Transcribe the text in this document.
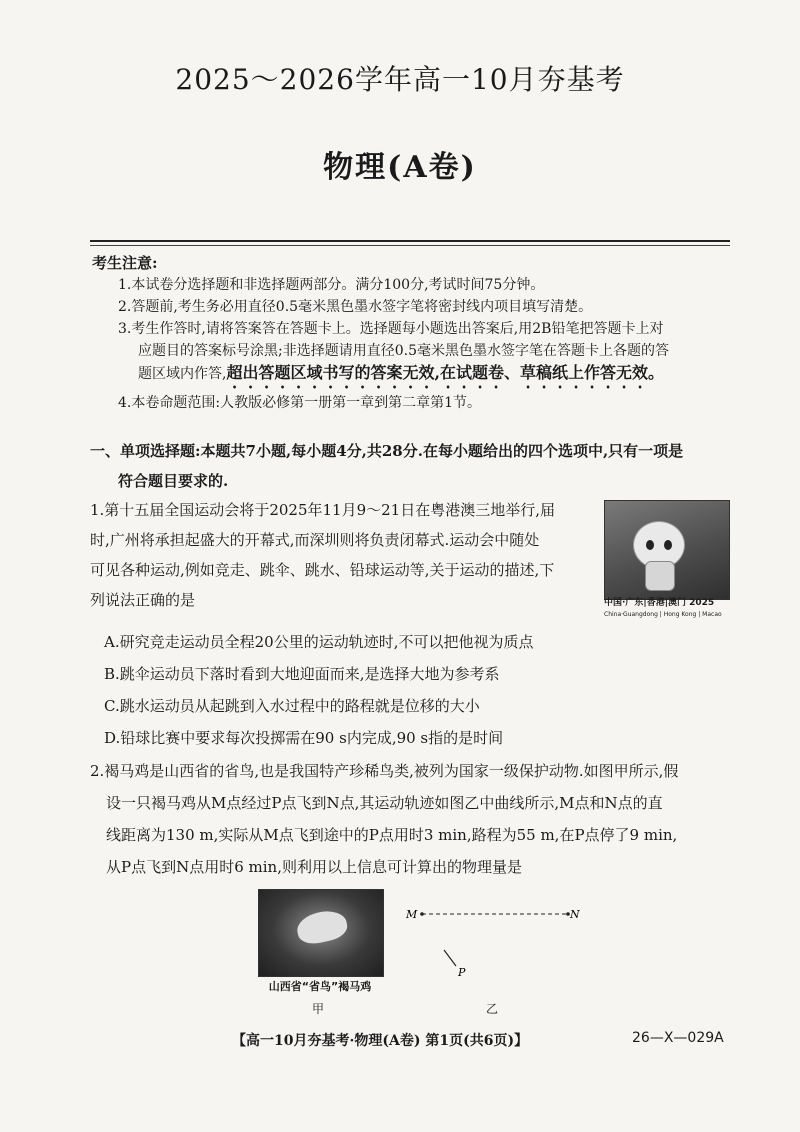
2025～2026学年高一10月夯基考
物理(A卷)
考生注意:
1.本试卷分选择题和非选择题两部分。满分100分,考试时间75分钟。
2.答题前,考生务必用直径0.5毫米黑色墨水签字笔将密封线内项目填写清楚。
3.考生作答时,请将答案答在答题卡上。选择题每小题选出答案后,用2B铅笔把答题卡上对
应题目的答案标号涂黑;非选择题请用直径0.5毫米黑色墨水签字笔在答题卡上各题的答
题区域内作答,超出答题区域书写的答案无效,在试题卷、草稿纸上作答无效。
4.本卷命题范围:人教版必修第一册第一章到第二章第1节。
一、单项选择题:本题共7小题,每小题4分,共28分.在每小题给出的四个选项中,只有一项是
符合题目要求的.
1.第十五届全国运动会将于2025年11月9～21日在粤港澳三地举行,届
时,广州将承担起盛大的开幕式,而深圳则将负责闭幕式.运动会中随处
可见各种运动,例如竞走、跳伞、跳水、铅球运动等,关于运动的描述,下
列说法正确的是	中国·广东|香港|澳门 2025
China·Guangdong | Hong Kong | Macao
A.研究竞走运动员全程20公里的运动轨迹时,不可以把他视为质点
B.跳伞运动员下落时看到大地迎面而来,是选择大地为参考系
C.跳水运动员从起跳到入水过程中的路程就是位移的大小
D.铅球比赛中要求每次投掷需在90 s内完成,90 s指的是时间
2.褐马鸡是山西省的省鸟,也是我国特产珍稀鸟类,被列为国家一级保护动物.如图甲所示,假
设一只褐马鸡从M点经过P点飞到N点,其运动轨迹如图乙中曲线所示,M点和N点的直
线距离为130 m,实际从M点飞到途中的P点用时3 min,路程为55 m,在P点停了9 min,
从P点飞到N点用时6 min,则利用以上信息可计算出的物理量是
山西省“省鸟”褐马鸡
甲	乙
M	N
P
【高一10月夯基考·物理(A卷) 第1页(共6页)】	26—X—029A
